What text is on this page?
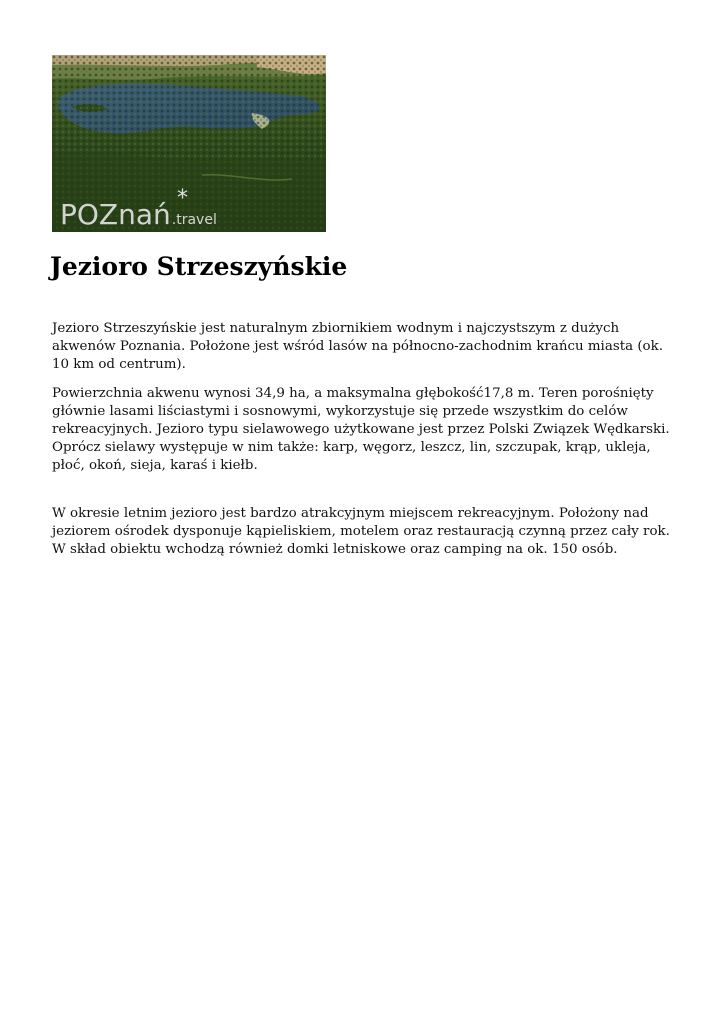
POZnań.travel
*
Jezioro Strzeszyńskie

Jezioro Strzeszyńskie jest naturalnym zbiornikiem wodnym i najczystszym z dużych akwenów Poznania. Położone jest wśród lasów na północno-zachodnim krańcu miasta (ok. 10 km od centrum).

Powierzchnia akwenu wynosi 34,9 ha, a maksymalna głębokość17,8 m. Teren porośnięty głównie lasami liściastymi i sosnowymi, wykorzystuje się przede wszystkim do celów rekreacyjnych. Jezioro typu sielawowego użytkowane jest przez Polski Związek Wędkarski. Oprócz sielawy występuje w nim także: karp, węgorz, leszcz, lin, szczupak, krąp, ukleja, płoć, okoń, sieja, karaś i kiełb.

W okresie letnim jezioro jest bardzo atrakcyjnym miejscem rekreacyjnym. Położony nad jeziorem ośrodek dysponuje kąpieliskiem, motelem oraz restauracją czynną przez cały rok. W skład obiektu wchodzą również domki letniskowe oraz camping na ok. 150 osób.
